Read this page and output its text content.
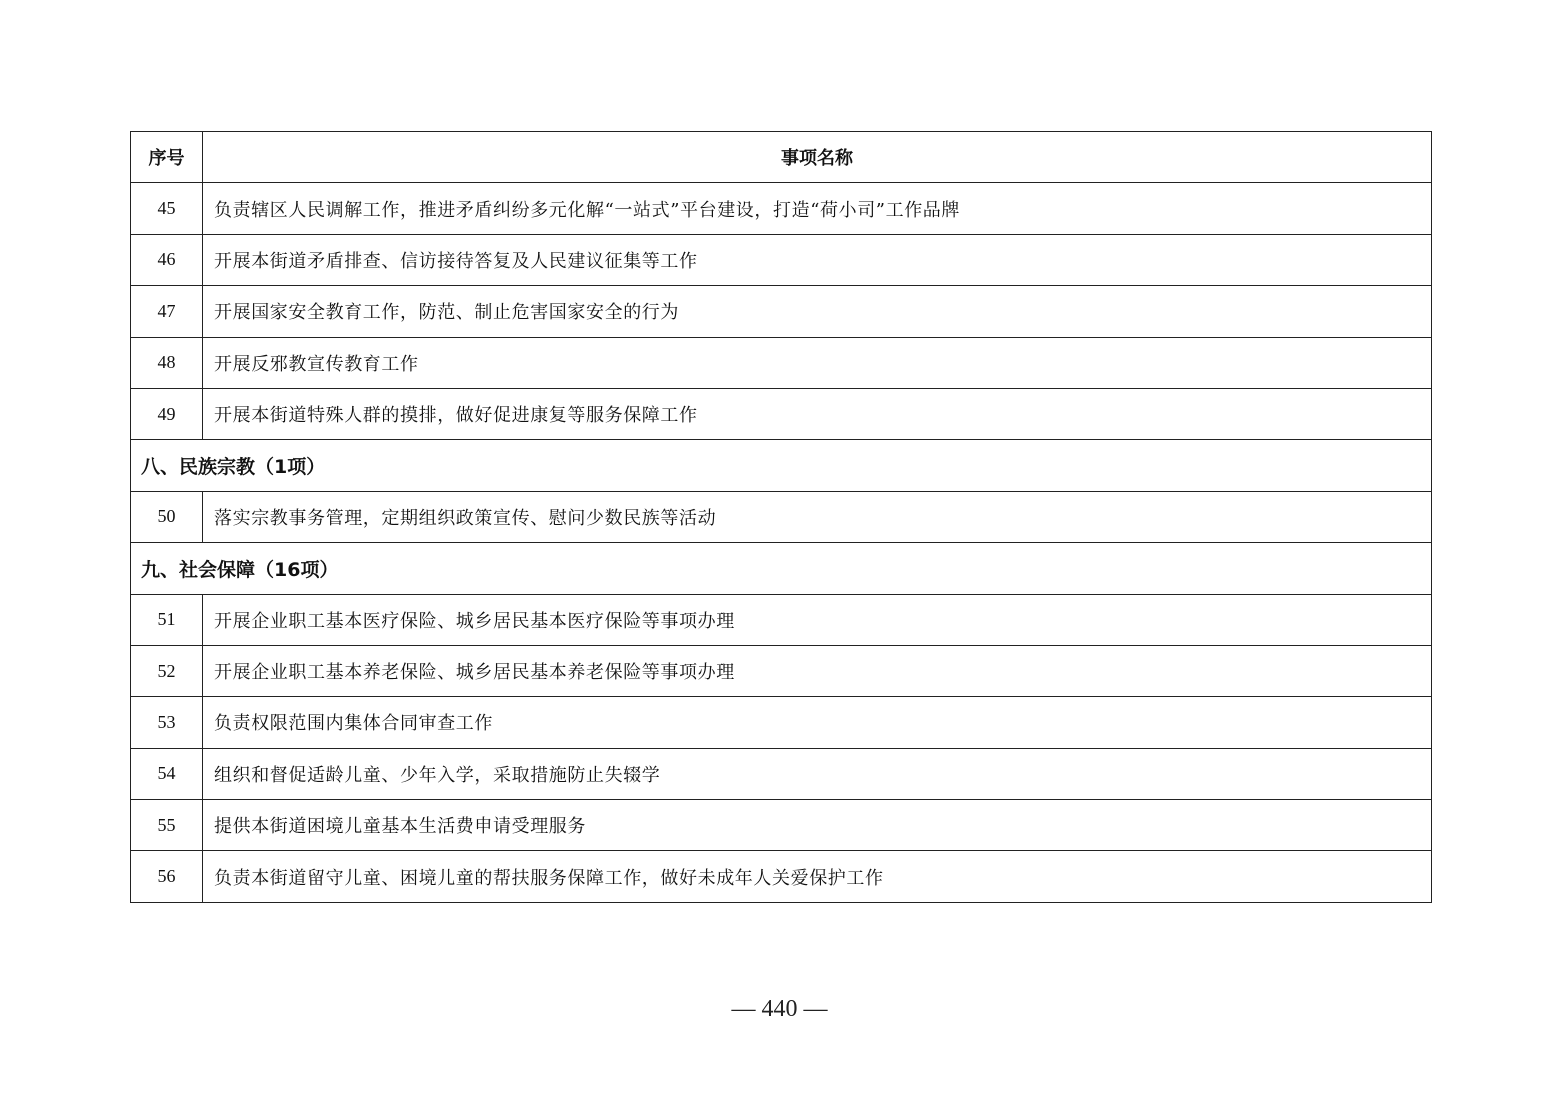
序号	事项名称
45	负责辖区人民调解工作，推进矛盾纠纷多元化解“一站式”平台建设，打造“荷小司”工作品牌
46	开展本街道矛盾排查、信访接待答复及人民建议征集等工作
47	开展国家安全教育工作，防范、制止危害国家安全的行为
48	开展反邪教宣传教育工作
49	开展本街道特殊人群的摸排，做好促进康复等服务保障工作
八、民族宗教（1项）	
50	落实宗教事务管理，定期组织政策宣传、慰问少数民族等活动
九、社会保障（16项）	
51	开展企业职工基本医疗保险、城乡居民基本医疗保险等事项办理
52	开展企业职工基本养老保险、城乡居民基本养老保险等事项办理
53	负责权限范围内集体合同审查工作
54	组织和督促适龄儿童、少年入学，采取措施防止失辍学
55	提供本街道困境儿童基本生活费申请受理服务
56	负责本街道留守儿童、困境儿童的帮扶服务保障工作，做好未成年人关爱保护工作
— 440 —
